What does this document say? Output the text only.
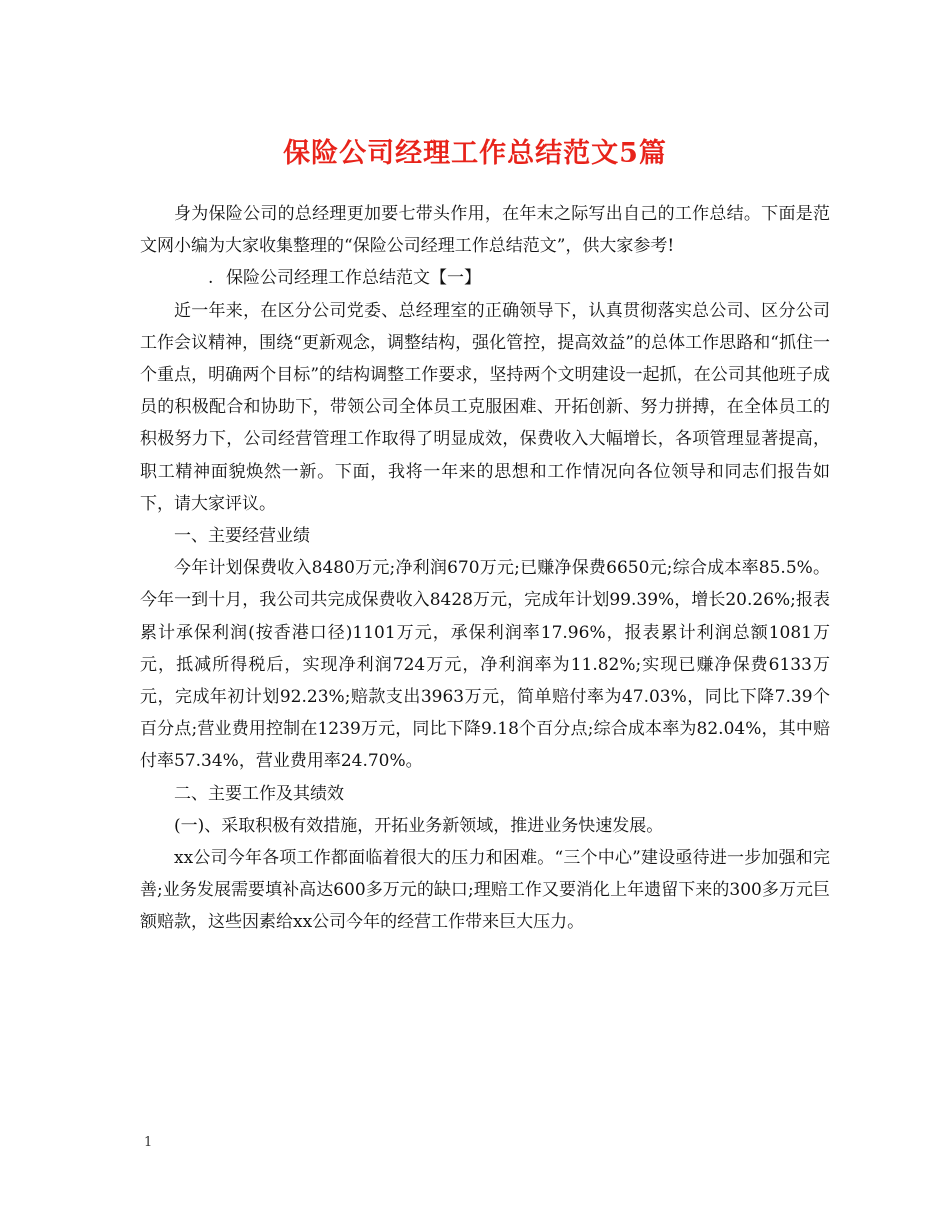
保险公司经理工作总结范文5篇

身为保险公司的总经理更加要七带头作用，在年末之际写出自己的工作总结。下面是范文网小编为大家收集整理的“保险公司经理工作总结范文”，供大家参考!

. 保险公司经理工作总结范文【一】

近一年来，在区分公司党委、总经理室的正确领导下，认真贯彻落实总公司、区分公司工作会议精神，围绕“更新观念，调整结构，强化管控，提高效益”的总体工作思路和“抓住一个重点，明确两个目标”的结构调整工作要求，坚持两个文明建设一起抓，在公司其他班子成员的积极配合和协助下，带领公司全体员工克服困难、开拓创新、努力拼搏，在全体员工的积极努力下，公司经营管理工作取得了明显成效，保费收入大幅增长，各项管理显著提高，职工精神面貌焕然一新。下面，我将一年来的思想和工作情况向各位领导和同志们报告如下，请大家评议。

一、主要经营业绩

今年计划保费收入8480万元;净利润670万元;已赚净保费6650元;综合成本率85.5%。 今年一到十月，我公司共完成保费收入8428万元，完成年计划99.39%，增长20.26%;报表累计承保利润(按香港口径)1101万元，承保利润率17.96%，报表累计利润总额1081万元，抵减所得税后，实现净利润724万元，净利润率为11.82%;实现已赚净保费6133万元，完成年初计划92.23%;赔款支出3963万元，简单赔付率为47.03%，同比下降7.39个百分点;营业费用控制在1239万元，同比下降9.18个百分点;综合成本率为82.04%，其中赔付率57.34%，营业费用率24.70%。

二、主要工作及其绩效

(一)、采取积极有效措施，开拓业务新领域，推进业务快速发展。

xx公司今年各项工作都面临着很大的压力和困难。“三个中心”建设亟待进一步加强和完善;业务发展需要填补高达600多万元的缺口;理赔工作又要消化上年遗留下来的300多万元巨额赔款，这些因素给xx公司今年的经营工作带来巨大压力。

1
